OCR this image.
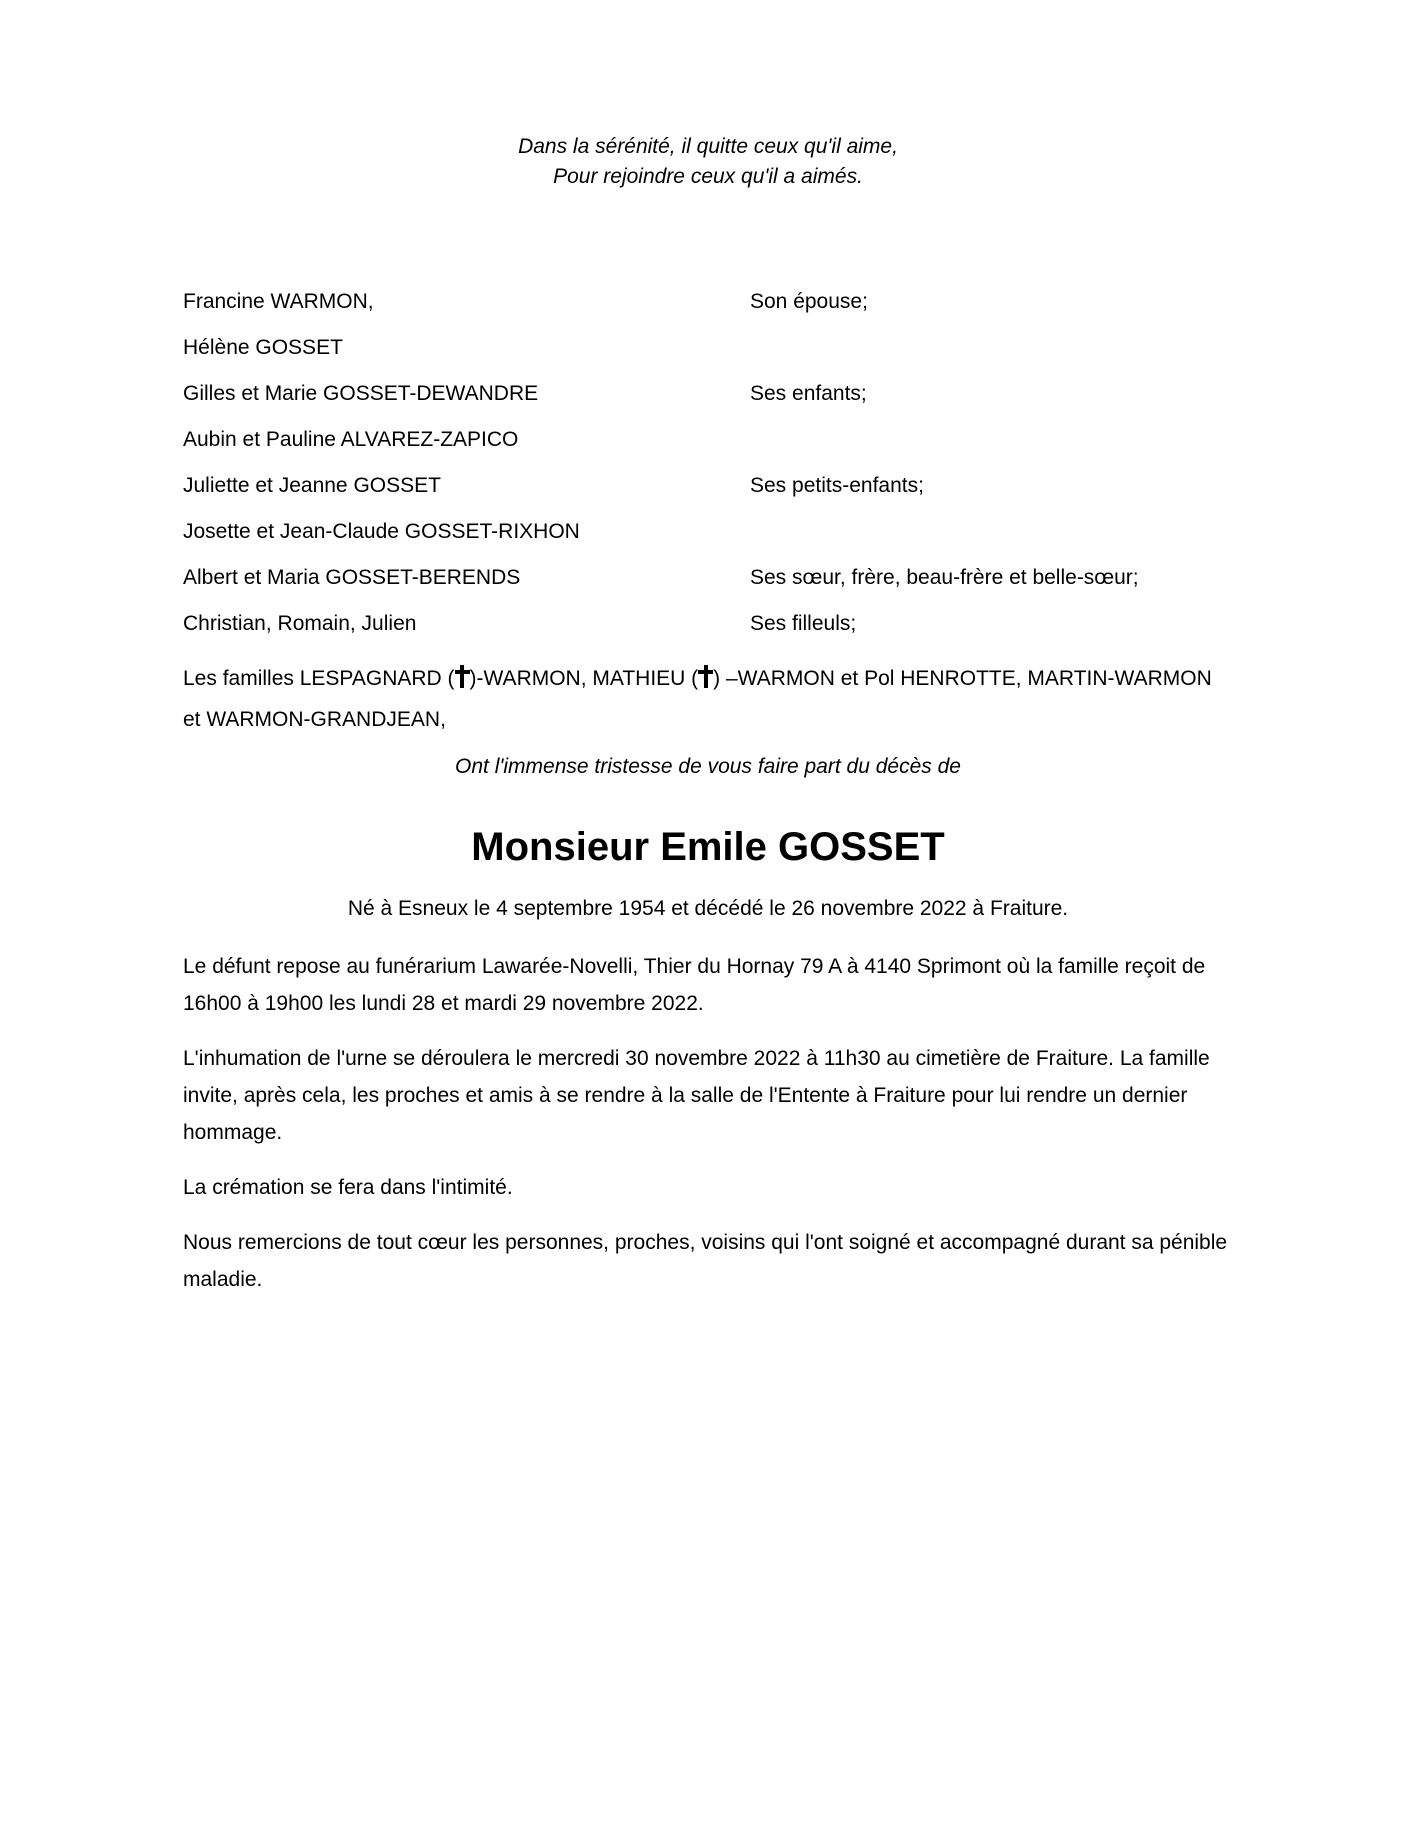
Dans la sérénité, il quitte ceux qu'il aime,
Pour rejoindre ceux qu'il a aimés.
Francine WARMON,	Son épouse;
Hélène GOSSET
Gilles et Marie GOSSET-DEWANDRE	Ses enfants;
Aubin et Pauline ALVAREZ-ZAPICO
Juliette et Jeanne GOSSET	Ses petits-enfants;
Josette et Jean-Claude GOSSET-RIXHON
Albert et Maria GOSSET-BERENDS	Ses sœur, frère, beau-frère et belle-sœur;
Christian, Romain, Julien	Ses filleuls;
Les familles LESPAGNARD ( )-WARMON, MATHIEU ( ) –WARMON et Pol HENROTTE, MARTIN-WARMON et WARMON-GRANDJEAN,
Ont l'immense tristesse de vous faire part du décès de
Monsieur Emile GOSSET
Né à Esneux le 4 septembre 1954 et décédé le 26 novembre 2022 à Fraiture.

Le défunt repose au funérarium Lawarée-Novelli, Thier du Hornay 79 A à 4140 Sprimont où la famille reçoit de 16h00 à 19h00 les lundi 28 et mardi 29 novembre 2022.

L'inhumation de l'urne se déroulera le mercredi 30 novembre 2022 à 11h30 au cimetière de Fraiture. La famille invite, après cela, les proches et amis à se rendre à la salle de l'Entente à Fraiture pour lui rendre un dernier hommage.

La crémation se fera dans l'intimité.

Nous remercions de tout cœur les personnes, proches, voisins qui l'ont soigné et accompagné durant sa pénible maladie.
